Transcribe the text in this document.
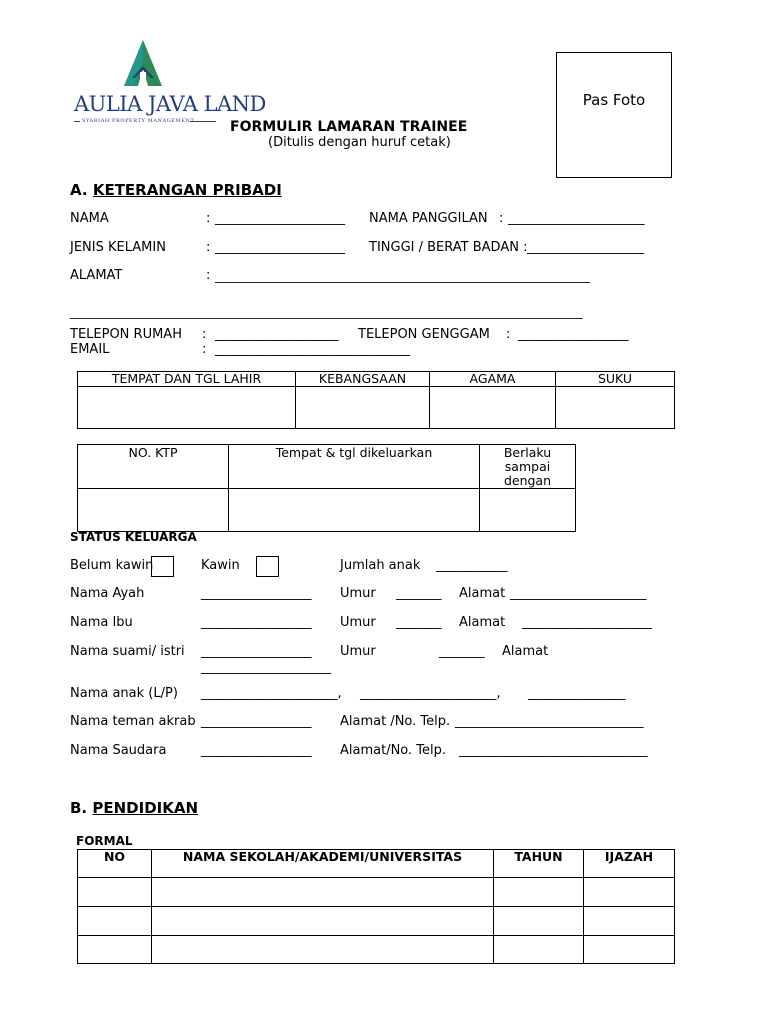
AULIA JAVA LAND
SYARIAH PROPERTY MANAGEMENT
Pas Foto
FORMULIR LAMARAN TRAINEE
(Ditulis dengan huruf cetak)
A. KETERANGAN PRIBADI
NAMA	: ____________________ NAMA PANGGILAN : _____________________
JENIS KELAMIN	: ____________________ TINGGI / BERAT BADAN : __________________
ALAMAT	: ____________________________________________________________
__________________________________________________________________________________
TELEPON RUMAH : ___________________ TELEPON GENGGAM : _________________
EMAIL	: ______________________________
TEMPAT DAN TGL LAHIR	KEBANGSAAN	AGAMA	SUKU

NO. KTP	Tempat & tgl dikeluarkan	Berlaku sampai dengan

STATUS KELUARGA
Belum kawin	Kawin	Jumlah anak ___________
Nama Ayah	_________________ Umur _______ Alamat _____________________
Nama Ibu	_________________ Umur _______ Alamat ____________________
Nama suami/ istri _________________ Umur	_______ Alamat
____________________
Nama anak (L/P) _____________________, _____________________, _______________
Nama teman akrab _________________ Alamat /No. Telp. _____________________________
Nama Saudara	_________________ Alamat/No. Telp. _____________________________
B. PENDIDIKAN
FORMAL
NO	NAMA SEKOLAH/AKADEMI/UNIVERSITAS	TAHUN	IJAZAH
